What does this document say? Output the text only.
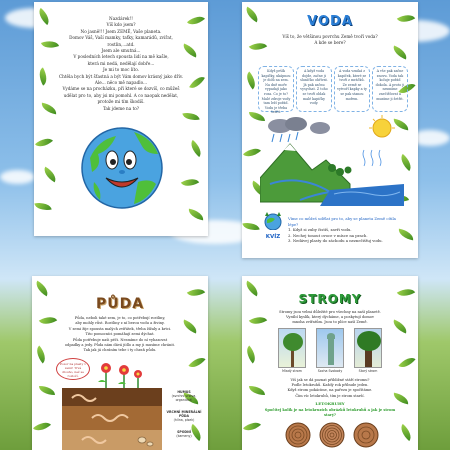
Nazdárek!!
Víš kdo jsem?
No jasně!!! Jsem ZEMĚ, Vaše planeta.
Domov Váš, Vaší mamky, taťky, kamarádů, zvířat, rostlin,...atd.
Jsem ale smutná...
V posledních letech spousta lidí na mě kašle,
která mi nedá, nedělají dobře...
Je mi to moc líto.
Chtěla bych být šťastná a být Vám domov krásný jako dřív.
Ale... něco mě napadlo...
Vydáme se na procházku, při které se dozvíš, co můžeš
udělat pro to, aby jsi mi pomohl. A co naopak nedělat,
protože mi tím škodíš.
Tak jdeme na to?
VODA
Víš to, že většinou povrchu Země tvoří voda?
A kde se bere?
Když pršík kapičky, ukápnou je dolů na zem. Na dně moře vypadají jako rosa. Co je to? Malé zdroje vody tam leží pořád. Vodu je třeba šetřit.
A když voda dojde, začne ji sluníčko ohřívat. Já pak začnu vysychat. Z toho se tvoří oblak malé kapičky vody.
A voda vzniká z kapiček, které se tvoří z mráčků. Ze země se vytvoří kapky a ty se pak stanou mořem.
A vše pak začne znovu. Voda tak koluje pořád dokola. A proto ji nesmíme znečišťovat a musíme ji šetřit.
KVÍZ
Víme co můžeš udělat pro to, aby se planeta Země cítila lépe?
1. Když si zuby čistíš, zavři vodu.
2. Nechej tonout ovoce v mísce na prach.
3. Nedávej plasty do záchodu a neznečišťuj vodu.
PŮDA
Půda, neboli také zem, je to, co potřebují rostliny,
aby mohly růst. Rostliny z ní berou vodu a živiny.
V zemi žije spousta malých zvířátek, třeba žížaly a krtci.
Tito pomocníci pomáhají zemi dýchat.
Půda potřebuje naši péči. Nesmíme do ní vyhazovat
odpadky a jedy. Půda nám dává jídlo a my ji musíme chránit.
Tak jak já chráním tebe i ty chraň půdu.
Pozor na plasty v zemi! Trvá dlouho, než se rozloží.
HUMUS
(svrchní vrstva, organická)
VRCHNÍ MINERÁLNÍ PŮDA
(hlína, písek)
SPODNÍ
(kameny)
STROMY
Stromy jsou velmi důležité pro všechny na naší planetě.
Vyrábí kyslík, který dýcháme, a poskytují domov
mnoha zvířatům. Jsou to plíce naší Země.
Mladý strom	Socha Svobody	Starý strom
Víš jak se dá poznat přibližné stáří stromu?
Podle letokruhů. Každý rok přibude jeden.
Když strom pokácíme, na pařezu je spočítáme.
Čím víc letokruhů, tím je strom starší.
LETOKRUHY
Spočítej kolik je na letokruzích obrázků letokruhů a jak je strom starý?
